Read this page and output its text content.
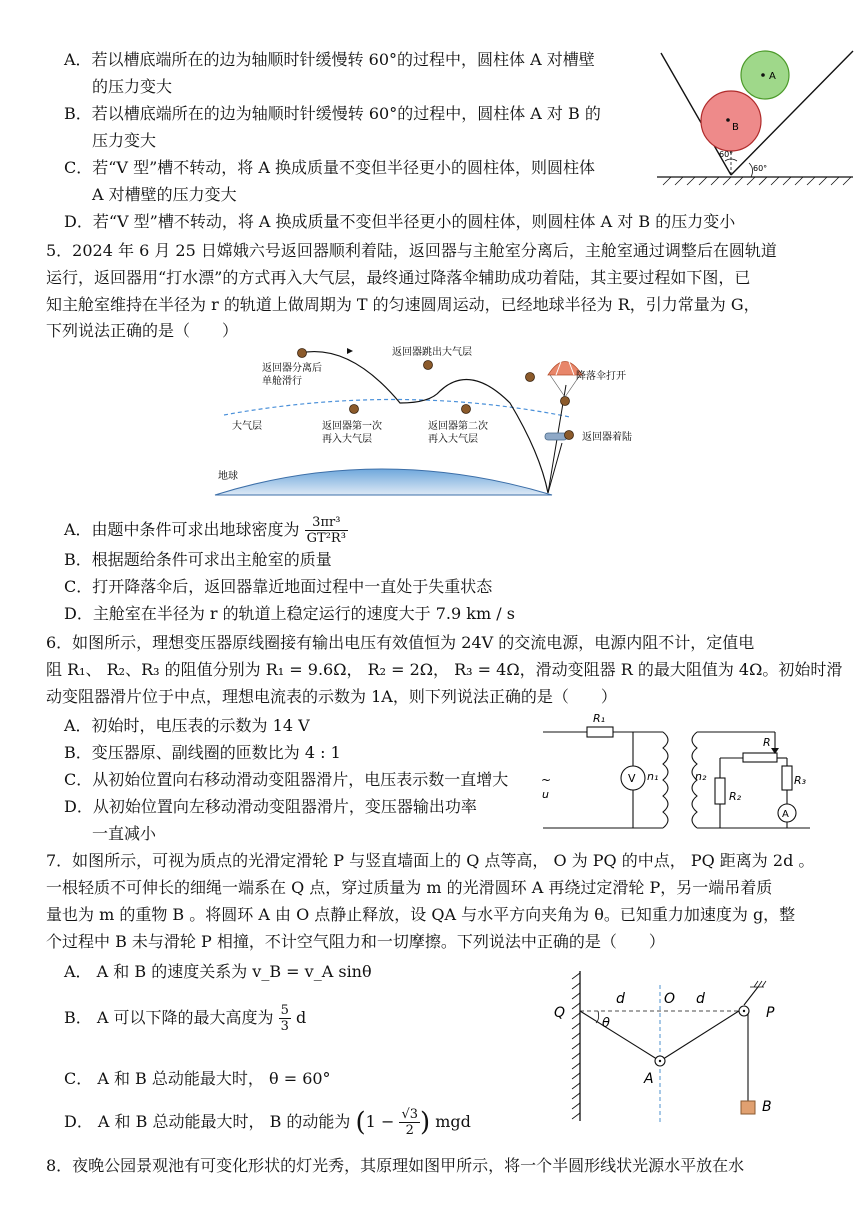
A．若以槽底端所在的边为轴顺时针缓慢转 60°的过程中，圆柱体 A 对槽壁
的压力变大
B．若以槽底端所在的边为轴顺时针缓慢转 60°的过程中，圆柱体 A 对 B 的
压力变大
C．若“V 型”槽不转动，将 A 换成质量不变但半径更小的圆柱体，则圆柱体
A 对槽壁的压力变大
D．若“V 型”槽不转动，将 A 换成质量不变但半径更小的圆柱体，则圆柱体 A 对 B 的压力变小
B
A
60°
60°
5．2024 年 6 月 25 日嫦娥六号返回器顺利着陆，返回器与主舱室分离后，主舱室通过调整后在圆轨道
运行，返回器用“打水漂”的方式再入大气层，最终通过降落伞辅助成功着陆，其主要过程如下图，已
知主舱室维持在半径为 r 的轨道上做周期为 T 的匀速圆周运动，已经地球半径为 R，引力常量为 G，
下列说法正确的是（　　）
返回器分离后
单舱滑行
返回器跳出大气层
降落伞打开
大气层	返回器第一次
再入大气层
返回器第二次
再入大气层	返回器着陆
地球
A．由题中条件可求出地球密度为 $\frac{\text{3πr³}}{\text{GT²R³}}$
B．根据题给条件可求出主舱室的质量
C．打开降落伞后，返回器靠近地面过程中一直处于失重状态
D．主舱室在半径为 r 的轨道上稳定运行的速度大于 7.9 km / s
6．如图所示，理想变压器原线圈接有输出电压有效值恒为 24V 的交流电源，电源内阻不计，定值电
阻 R₁、 R₂、R₃ 的阻值分别为 R₁ = 9.6Ω， R₂ = 2Ω， R₃ = 4Ω，滑动变阻器 R 的最大阻值为 4Ω。初始时滑
动变阻器滑片位于中点，理想电流表的示数为 1A，则下列说法正确的是（　　）
A．初始时，电压表的示数为 14 V
B．变压器原、副线圈的匝数比为 4 : 1
C．从初始位置向右移动滑动变阻器滑片，电压表示数一直增大
D．从初始位置向左移动滑动变阻器滑片，变压器输出功率
一直减小
R₁
R
R₂
R₃
V
A
n₁	n₂
~
u
7．如图所示，可视为质点的光滑定滑轮 P 与竖直墙面上的 Q 点等高， O 为 PQ 的中点， PQ 距离为 2d 。
一根轻质不可伸长的细绳一端系在 Q 点，穿过质量为 m 的光滑圆环 A 再绕过定滑轮 P，另一端吊着质
量也为 m 的重物 B 。将圆环 A 由 O 点静止释放，设 QA 与水平方向夹角为 θ。已知重力加速度为 g，整
个过程中 B 未与滑轮 P 相撞，不计空气阻力和一切摩擦。下列说法中正确的是（　　）
A． A 和 B 的速度关系为 v_B = v_A sinθ
B． A 可以下降的最大高度为 $\frac{5}{3}$ d
C． A 和 B 总动能最大时， θ = 60°
D． A 和 B 总动能最大时， B 的动能为 ($1 - \frac{√3}{2}$ ) mgd
Q
d	O d
P
θ
A
B
8．夜晚公园景观池有可变化形状的灯光秀，其原理如图甲所示，将一个半圆形线状光源水平放在水
